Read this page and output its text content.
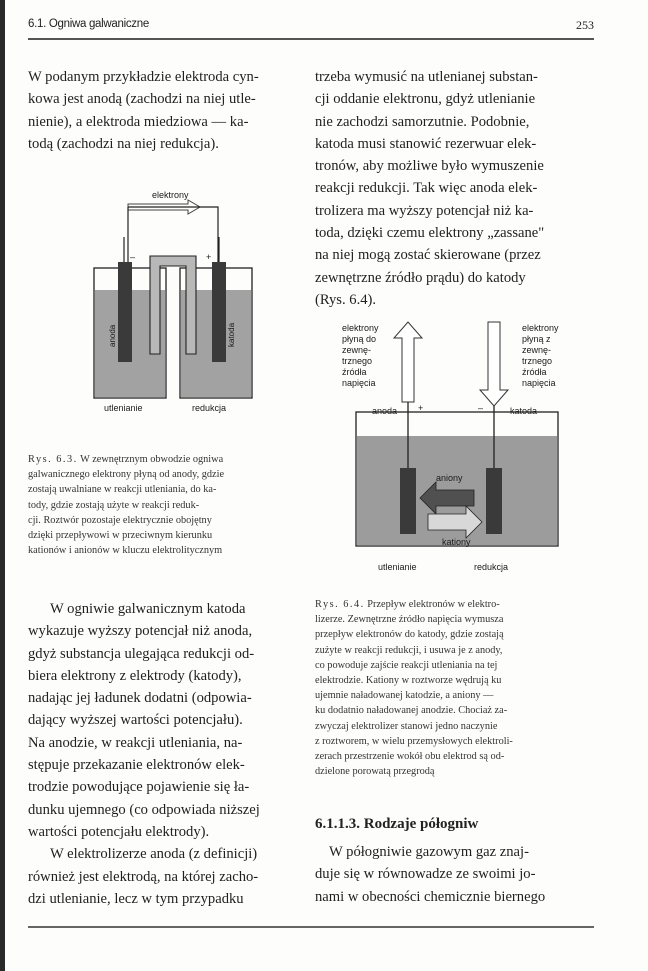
6.1. Ogniwa galwaniczne	253

W podanym przykładzie elektroda cyn-

kowa jest anodą (zachodzi na niej utle-

nienie), a elektroda miedziowa — ka-

todą (zachodzi na niej redukcja).

elektrony
–	+
anoda	katoda
utlenianie	redukcja

Rys. 6.3. W zewnętrznym obwodzie ogniwa

galwanicznego elektrony płyną od anody, gdzie

zostają uwalniane w reakcji utleniania, do ka-

tody, gdzie zostają użyte w reakcji reduk-

cji. Roztwór pozostaje elektrycznie obojętny

dzięki przepływowi w przeciwnym kierunku

kationów i anionów w kluczu elektrolitycznym

W ogniwie galwanicznym katoda

wykazuje wyższy potencjał niż anoda,

gdyż substancja ulegająca redukcji od-

biera elektrony z elektrody (katody),

nadając jej ładunek dodatni (odpowia-

dający wyższej wartości potencjału).

Na anodzie, w reakcji utleniania, na-

stępuje przekazanie elektronów elek-

trodzie powodujące pojawienie się ła-

dunku ujemnego (co odpowiada niższej

wartości potencjału elektrody).

W elektrolizerze anoda (z definicji)

również jest elektrodą, na której zacho-

dzi utlenianie, lecz w tym przypadku

trzeba wymusić na utlenianej substan-

cji oddanie elektronu, gdyż utlenianie

nie zachodzi samorzutnie. Podobnie,

katoda musi stanowić rezerwuar elek-

tronów, aby możliwe było wymuszenie

reakcji redukcji. Tak więc anoda elek-

trolizera ma wyższy potencjał niż ka-

toda, dzięki czemu elektrony „zassane"

na niej mogą zostać skierowane (przez

zewnętrzne źródło prądu) do katody

(Rys. 6.4).

elektrony płyną do zewnę- trznego źródła napięcia
elektrony płyną z zewnę- trznego źródła napięcia
anoda +	–	katoda
aniony
kationy
utlenianie	redukcja

Rys. 6.4. Przepływ elektronów w elektro-

lizerze. Zewnętrzne źródło napięcia wymusza

przepływ elektronów do katody, gdzie zostają

zużyte w reakcji redukcji, i usuwa je z anody,

co powoduje zajście reakcji utleniania na tej

elektrodzie. Kationy w roztworze wędrują ku

ujemnie naładowanej katodzie, a aniony —

ku dodatnio naładowanej anodzie. Chociaż za-

zwyczaj elektrolizer stanowi jedno naczynie

z roztworem, w wielu przemysłowych elektroli-

zerach przestrzenie wokół obu elektrod są od-

dzielone porowatą przegrodą

6.1.1.3. Rodzaje półogniw

W półogniwie gazowym gaz znaj-

duje się w równowadze ze swoimi jo-

nami w obecności chemicznie biernego
